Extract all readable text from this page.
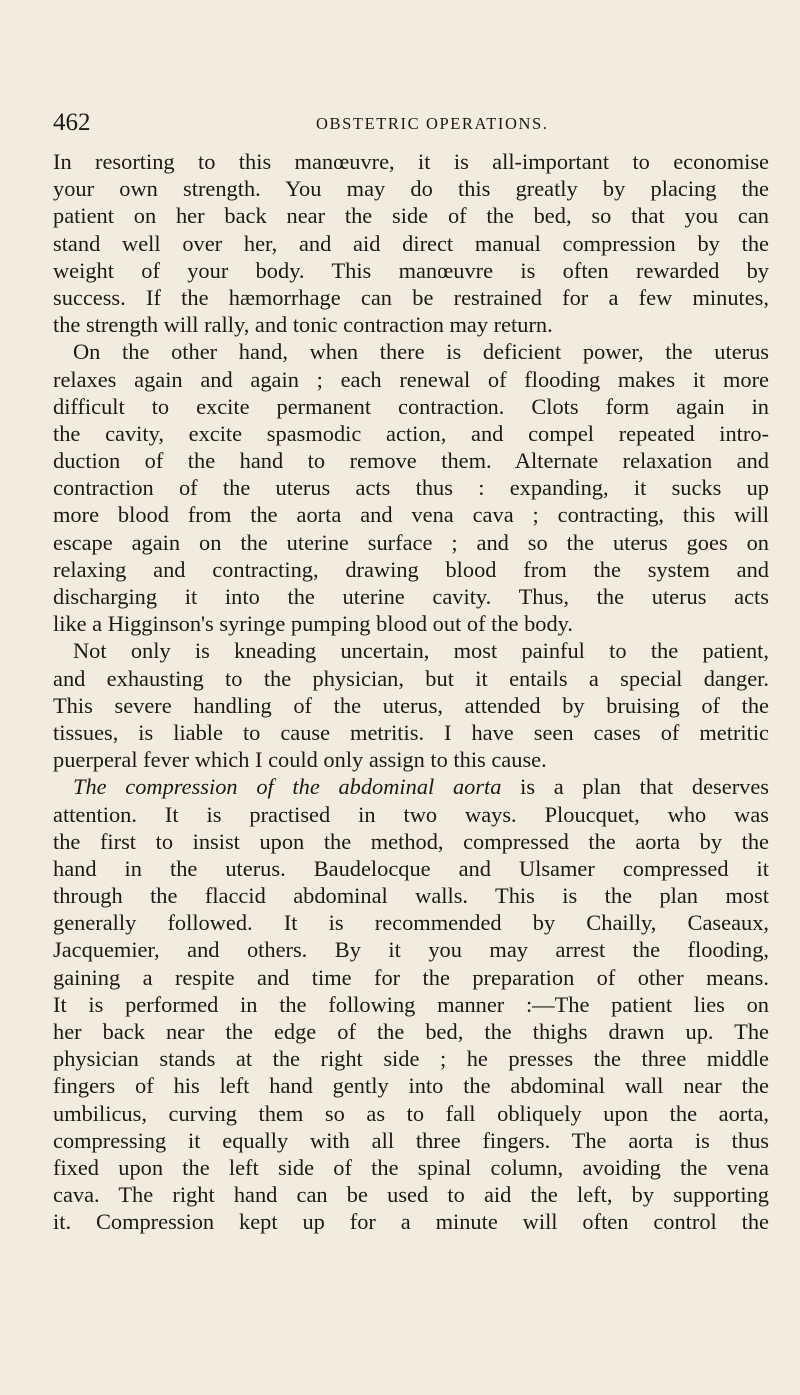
462	OBSTETRIC OPERATIONS.
In resorting to this manœuvre, it is all-important to economise
your own strength. You may do this greatly by placing the
patient on her back near the side of the bed, so that you can
stand well over her, and aid direct manual compression by the
weight of your body. This manœuvre is often rewarded by
success. If the hæmorrhage can be restrained for a few minutes,
the strength will rally, and tonic contraction may return.
On the other hand, when there is deficient power, the uterus
relaxes again and again ; each renewal of flooding makes it more
difficult to excite permanent contraction. Clots form again in
the cavity, excite spasmodic action, and compel repeated intro-
duction of the hand to remove them. Alternate relaxation and
contraction of the uterus acts thus : expanding, it sucks up
more blood from the aorta and vena cava ; contracting, this will
escape again on the uterine surface ; and so the uterus goes on
relaxing and contracting, drawing blood from the system and
discharging it into the uterine cavity. Thus, the uterus acts
like a Higginson's syringe pumping blood out of the body.
Not only is kneading uncertain, most painful to the patient,
and exhausting to the physician, but it entails a special danger.
This severe handling of the uterus, attended by bruising of the
tissues, is liable to cause metritis. I have seen cases of metritic
puerperal fever which I could only assign to this cause.
The compression of the abdominal aorta is a plan that deserves
attention. It is practised in two ways. Ploucquet, who was
the first to insist upon the method, compressed the aorta by the
hand in the uterus. Baudelocque and Ulsamer compressed it
through the flaccid abdominal walls. This is the plan most
generally followed. It is recommended by Chailly, Caseaux,
Jacquemier, and others. By it you may arrest the flooding,
gaining a respite and time for the preparation of other means.
It is performed in the following manner :—The patient lies on
her back near the edge of the bed, the thighs drawn up. The
physician stands at the right side ; he presses the three middle
fingers of his left hand gently into the abdominal wall near the
umbilicus, curving them so as to fall obliquely upon the aorta,
compressing it equally with all three fingers. The aorta is thus
fixed upon the left side of the spinal column, avoiding the vena
cava. The right hand can be used to aid the left, by supporting
it. Compression kept up for a minute will often control the
